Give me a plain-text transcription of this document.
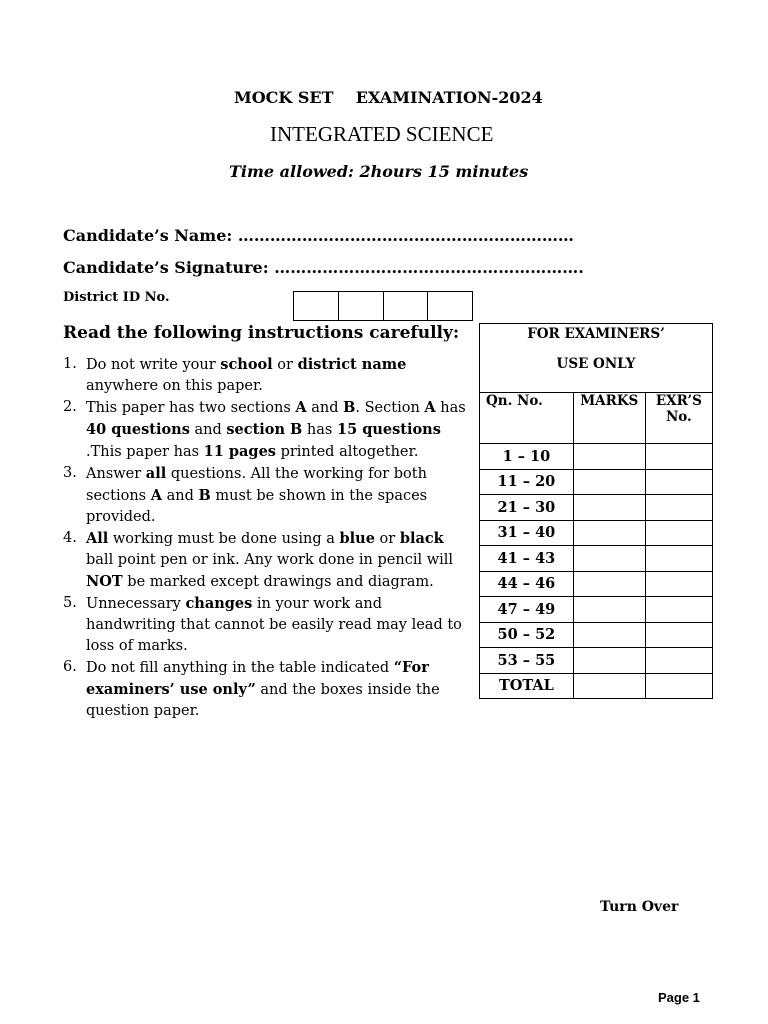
MOCK SET    EXAMINATION-2024
INTEGRATED SCIENCE
Time allowed: 2hours 15 minutes
Candidate’s Name: ………………………………………………………
Candidate’s Signature: ………………………………………………….
District ID No.
Read the following instructions carefully:
1. Do not write your school or district name anywhere on this paper.
2. This paper has two sections A and B. Section A has 40 questions and section B has 15 questions .This paper has 11 pages printed altogether.
3. Answer all questions. All the working for both sections A and B must be shown in the spaces provided.
4. All working must be done using a blue or black ball point pen or ink. Any work done in pencil will NOT be marked except drawings and diagram.
5. Unnecessary changes in your work and handwriting that cannot be easily read may lead to loss of marks.
6. Do not fill anything in the table indicated “For examiners’ use only” and the boxes inside the question paper.
FOR EXAMINERS’
USE ONLY		

Qn. No.	MARKS	EXR’S No.
1 – 10		
11 – 20		
21 – 30		
31 – 40		
41 – 43		
44 – 46		
47 – 49		
50 – 52		
53 – 55		
TOTAL		
Turn Over
Page 1
